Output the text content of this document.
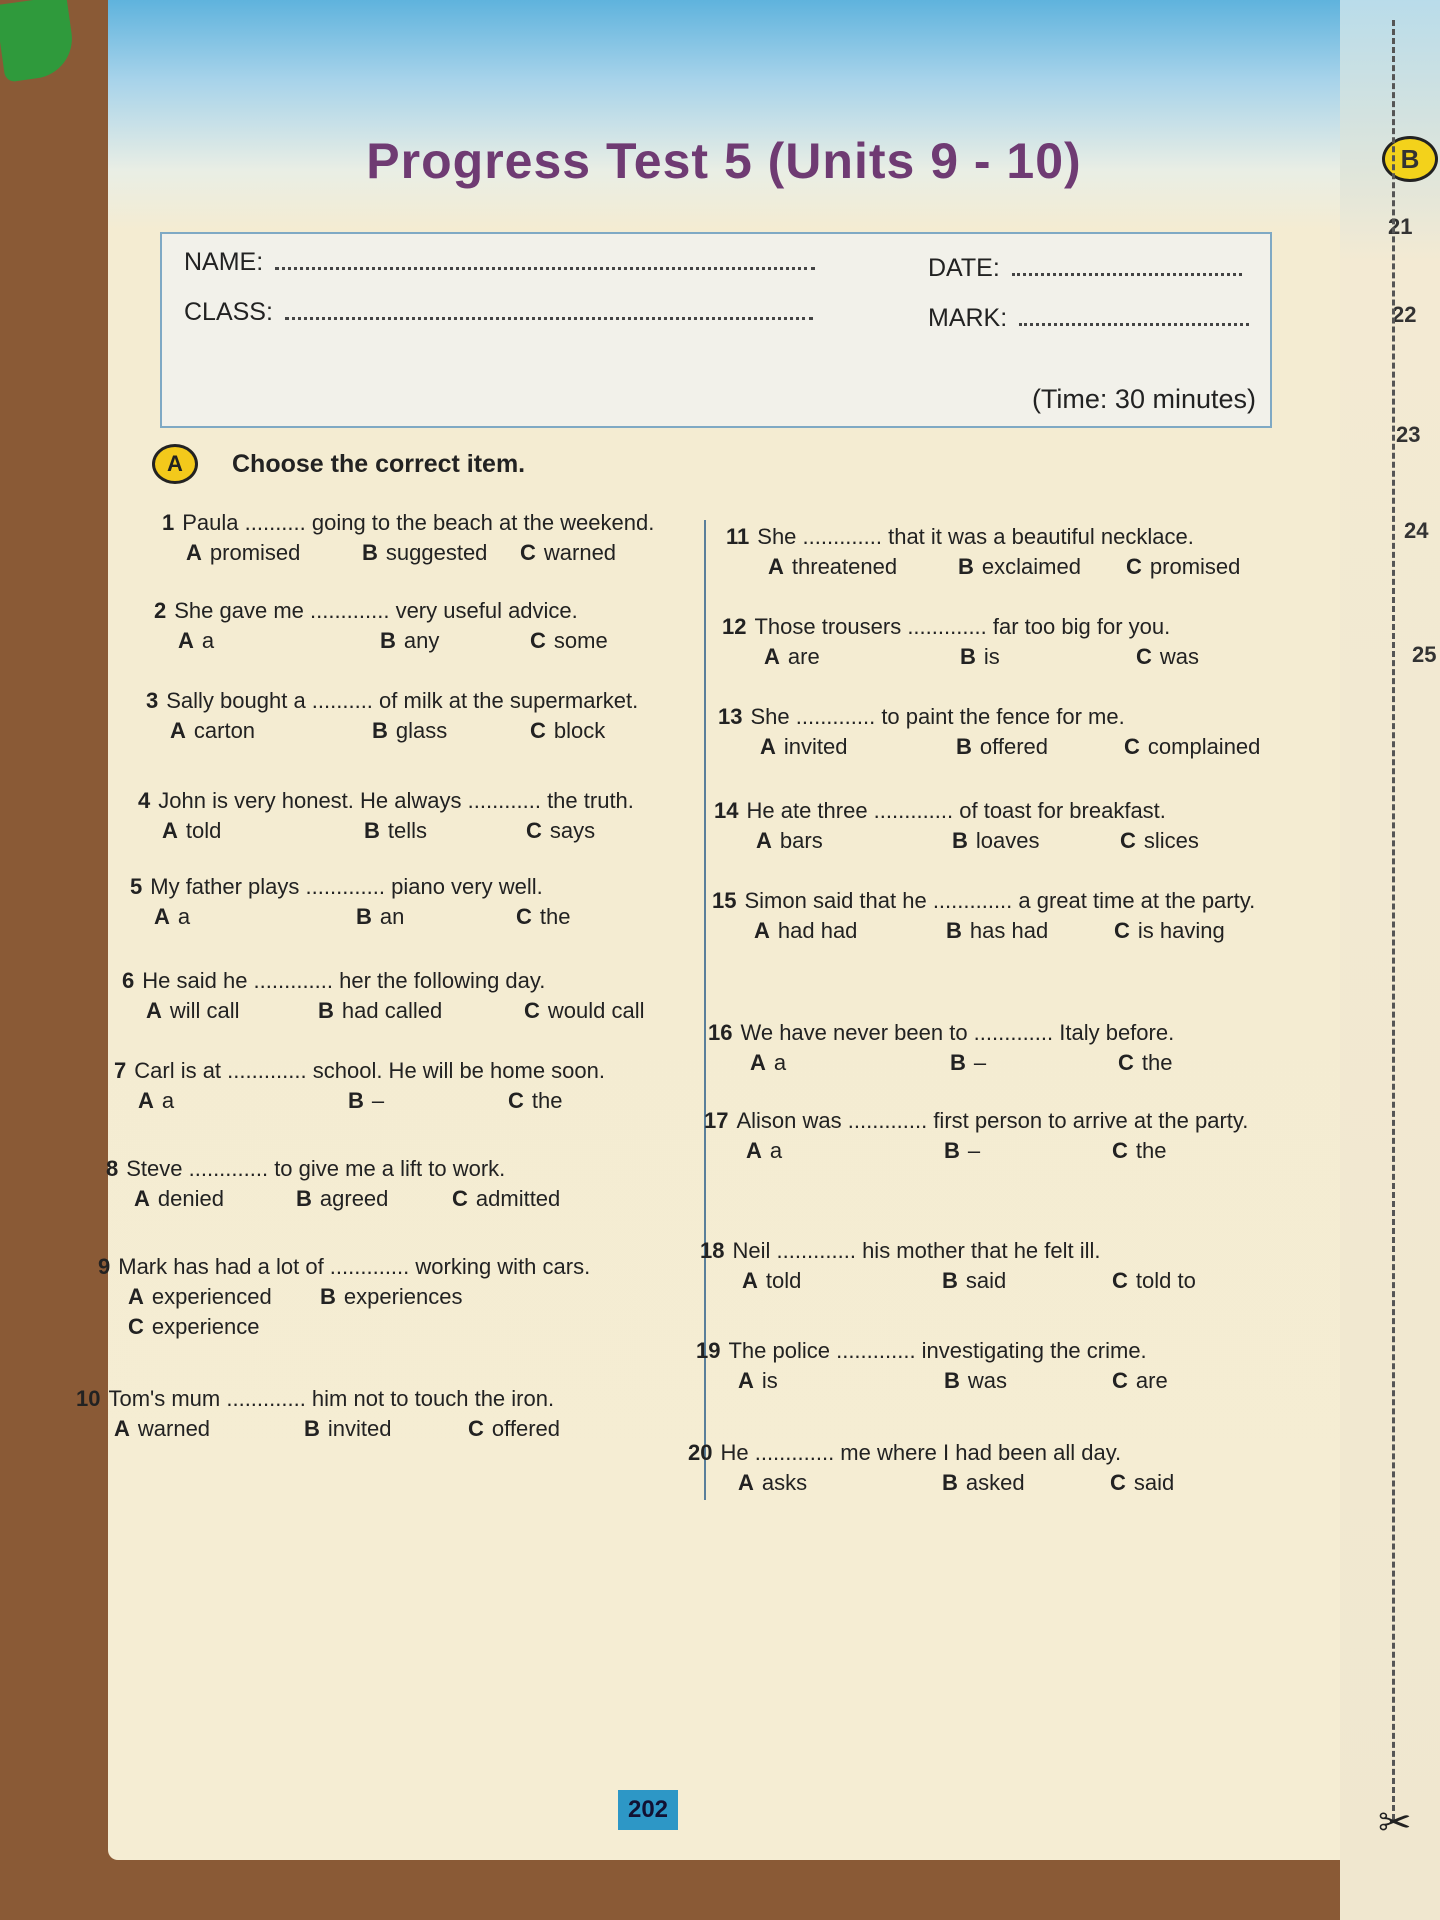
B
21
22
23
24
25
✂
Progress Test 5 (Units 9 - 10)
NAME:	DATE:
CLASS:	MARK:
(Time: 30 minutes)
A	Choose the correct item.
1 Paula .......... going to the beach at the weekend.
A promised	B suggested C warned
2 She gave me ............. very useful advice.
A a	B any	C some
3 Sally bought a .......... of milk at the supermarket.
A carton	B glass	C block
4 John is very honest. He always ............ the truth.
A told	B tells	C says
5 My father plays ............. piano very well.
A a	B an	C the
6 He said he ............. her the following day.
A will call	B had called	C would call
7 Carl is at ............. school. He will be home soon.
A a	B –	C the
8 Steve ............. to give me a lift to work.
A denied	B agreed	C admitted
9 Mark has had a lot of ............. working with cars.
A experienced B experiences
C experience
10 Tom's mum ............. him not to touch the iron.
A warned	B invited	C offered
11 She ............. that it was a beautiful necklace.
A threatened	B exclaimed C promised
12 Those trousers ............. far too big for you.
A are	B is	C was
13 She ............. to paint the fence for me.
A invited	B offered	C complained
14 He ate three ............. of toast for breakfast.
A bars	B loaves	C slices
15 Simon said that he ............. a great time at the party.
A had had	B has had	C is having
16 We have never been to ............. Italy before.
A a	B –	C the
17 Alison was ............. first person to arrive at the party.
A a	B –	C the
18 Neil ............. his mother that he felt ill.
A told	B said	C told to
19 The police ............. investigating the crime.
A is	B was	C are
20 He ............. me where I had been all day.
A asks	B asked	C said
202
